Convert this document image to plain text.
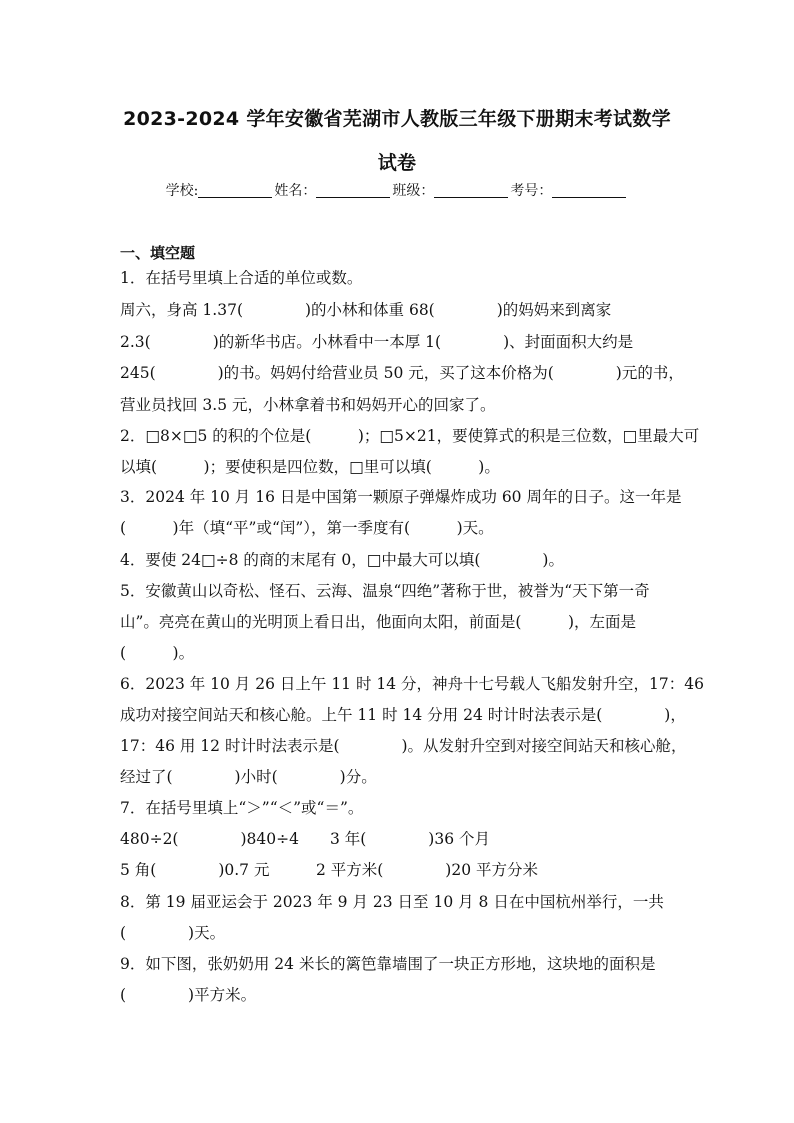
2023-2024 学年安徽省芜湖市人教版三年级下册期末考试数学
试卷
学校:	姓名：	班级：	考号：
一、填空题
1．在括号里填上合适的单位或数。
周六，身高 1.37(　　　　)的小林和体重 68(　　　　)的妈妈来到离家
2.3(　　　　)的新华书店。小林看中一本厚 1(　　　　)、封面面积大约是
245(　　　　)的书。妈妈付给营业员 50 元，买了这本价格为(　　　　)元的书，
营业员找回 3.5 元，小林拿着书和妈妈开心的回家了。
2．□8×□5 的积的个位是(　　　)；□5×21，要使算式的积是三位数，□里最大可
以填(　　　)；要使积是四位数，□里可以填(　　　)。
3．2024 年 10 月 16 日是中国第一颗原子弹爆炸成功 60 周年的日子。这一年是
(　　　)年（填“平”或“闰”），第一季度有(　　　)天。
4．要使 24□÷8 的商的末尾有 0，□中最大可以填(　　　　)。
5．安徽黄山以奇松、怪石、云海、温泉“四绝”著称于世，被誉为“天下第一奇
山”。亮亮在黄山的光明顶上看日出，他面向太阳，前面是(　　　)，左面是
(　　　)。
6．2023 年 10 月 26 日上午 11 时 14 分，神舟十七号载人飞船发射升空，17：46
成功对接空间站天和核心舱。上午 11 时 14 分用 24 时计时法表示是(　　　　)，
17：46 用 12 时计时法表示是(　　　　)。从发射升空到对接空间站天和核心舱，
经过了(　　　　)小时(　　　　)分。
7．在括号里填上“＞”“＜”或“＝”。
480÷2(　　　　)840÷4　　3 年(　　　　)36 个月
5 角(　　　　)0.7 元　　　2 平方米(　　　　)20 平方分米
8．第 19 届亚运会于 2023 年 9 月 23 日至 10 月 8 日在中国杭州举行，一共
(　　　　)天。
9．如下图，张奶奶用 24 米长的篱笆靠墙围了一块正方形地，这块地的面积是
(　　　　)平方米。
